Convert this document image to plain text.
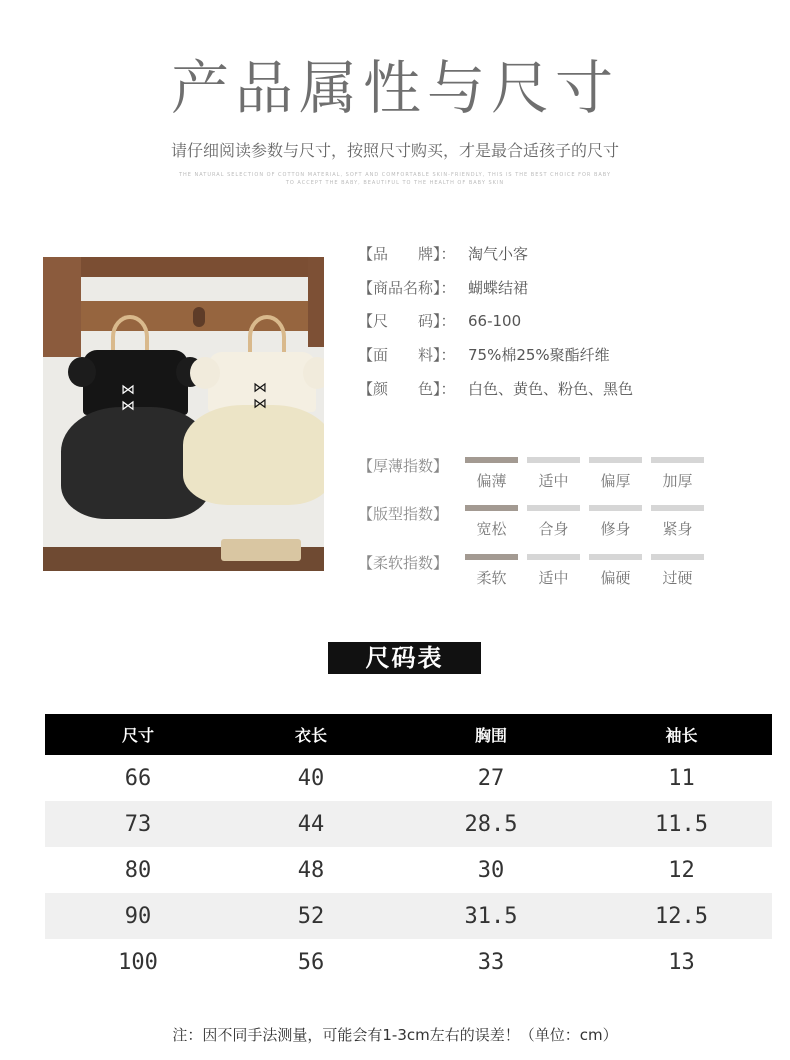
产品属性与尺寸
请仔细阅读参数与尺寸，按照尺寸购买，才是最合适孩子的尺寸
THE NATURAL SELECTION OF COTTON MATERIAL, SOFT AND COMFORTABLE SKIN-FRIENDLY, THIS IS THE BEST CHOICE FOR BABY
TO ACCEPT THE BABY, BEAUTIFUL TO THE HEALTH OF BABY SKIN
⋈
⋈
⋈
⋈
【品　　牌】： 淘气小客
【商品名称】： 蝴蝶结裙
【尺　　码】： 66-100
【面　　料】： 75%棉25%聚酯纤维
【颜　　色】： 白色、黄色、粉色、黑色
【厚薄指数】
【版型指数】
【柔软指数】
偏薄	适中	偏厚	加厚
宽松	合身	修身	紧身
柔软	适中	偏硬	过硬
尺码表
尺寸	衣长	胸围	袖长
66	40	27	11
73	44	28.5	11.5
80	48	30	12
90	52	31.5	12.5
100	56	33	13
注：因不同手法测量，可能会有1-3cm左右的误差！（单位：cm）
